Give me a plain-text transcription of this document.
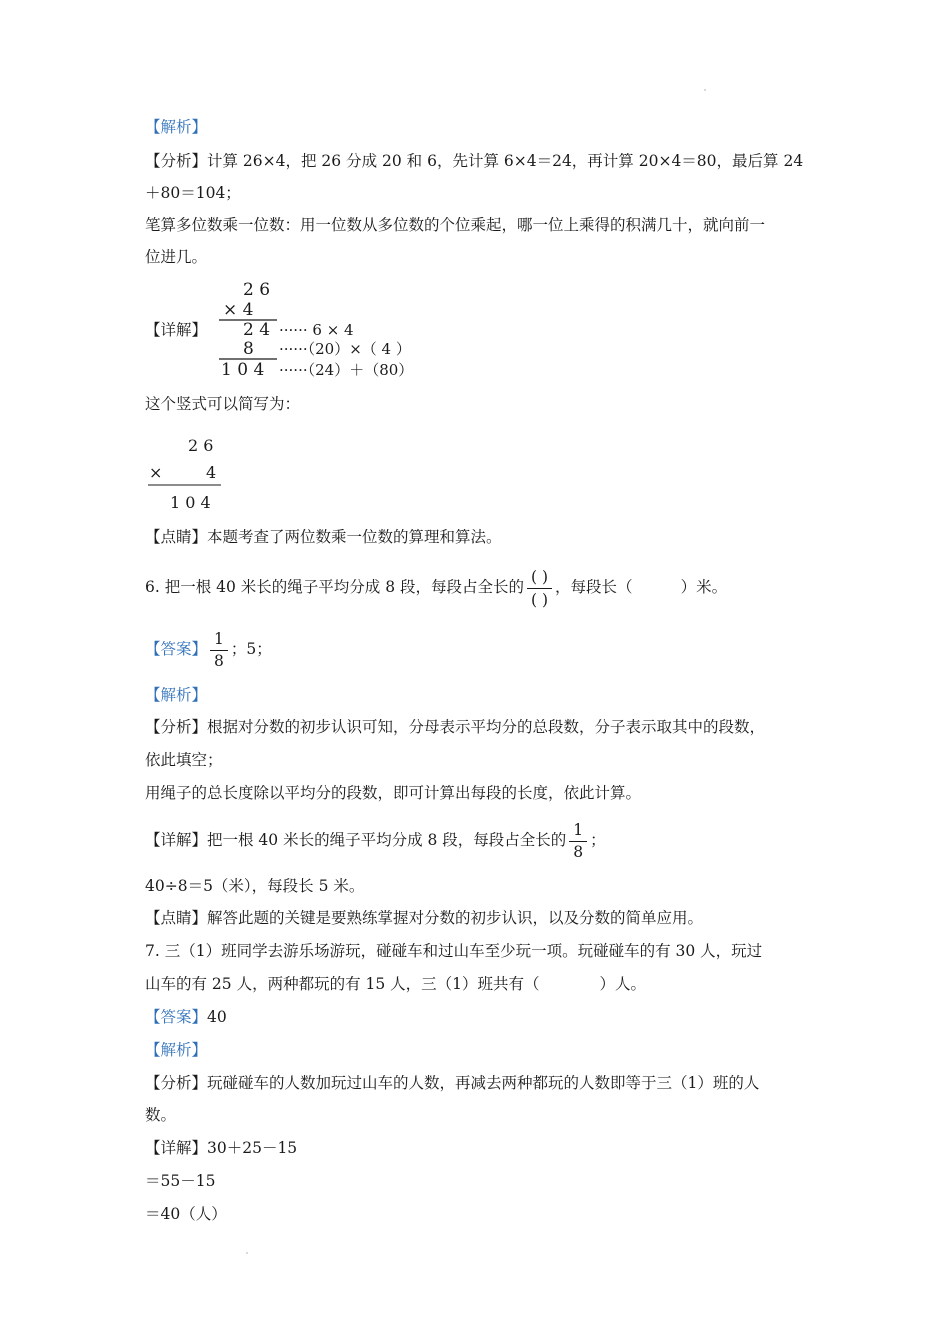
【解析】
【分析】计算 26×4，把 26 分成 20 和 6，先计算 6×4＝24，再计算 20×4＝80，最后算 24
＋80＝104；
笔算多位数乘一位数：用一位数从多位数的个位乘起，哪一位上乘得的积满几十，就向前一
位进几。
【详解】
2 6
× 4
2 4 ······ 6 × 4
8 ······（20）×（ 4 ）
1 0 4 ······（24）＋（80）
这个竖式可以简写为：
2 6
×	4
1 0 4
【点睛】本题考查了两位数乘一位数的算理和算法。
6. 把一根 40 米长的绳子平均分成 8 段，每段占全长的 $\frac{( )}{( )}$ ，每段长（	）米。
【答案】 $\frac{1}{8}$ ；5；
【解析】
【分析】根据对分数的初步认识可知，分母表示平均分的总段数，分子表示取其中的段数，
依此填空；
用绳子的总长度除以平均分的段数，即可计算出每段的长度，依此计算。
【详解】把一根 40 米长的绳子平均分成 8 段，每段占全长的 $\frac{1}{8}$ ；
40÷8＝5（米），每段长 5 米。
【点睛】解答此题的关键是要熟练掌握对分数的初步认识，以及分数的简单应用。
7. 三（1）班同学去游乐场游玩，碰碰车和过山车至少玩一项。玩碰碰车的有 30 人，玩过
山车的有 25 人，两种都玩的有 15 人，三（1）班共有（	）人。
【答案】40
【解析】
【分析】玩碰碰车的人数加玩过山车的人数，再减去两种都玩的人数即等于三（1）班的人
数。
【详解】30＋25－15
＝55－15
＝40（人）
